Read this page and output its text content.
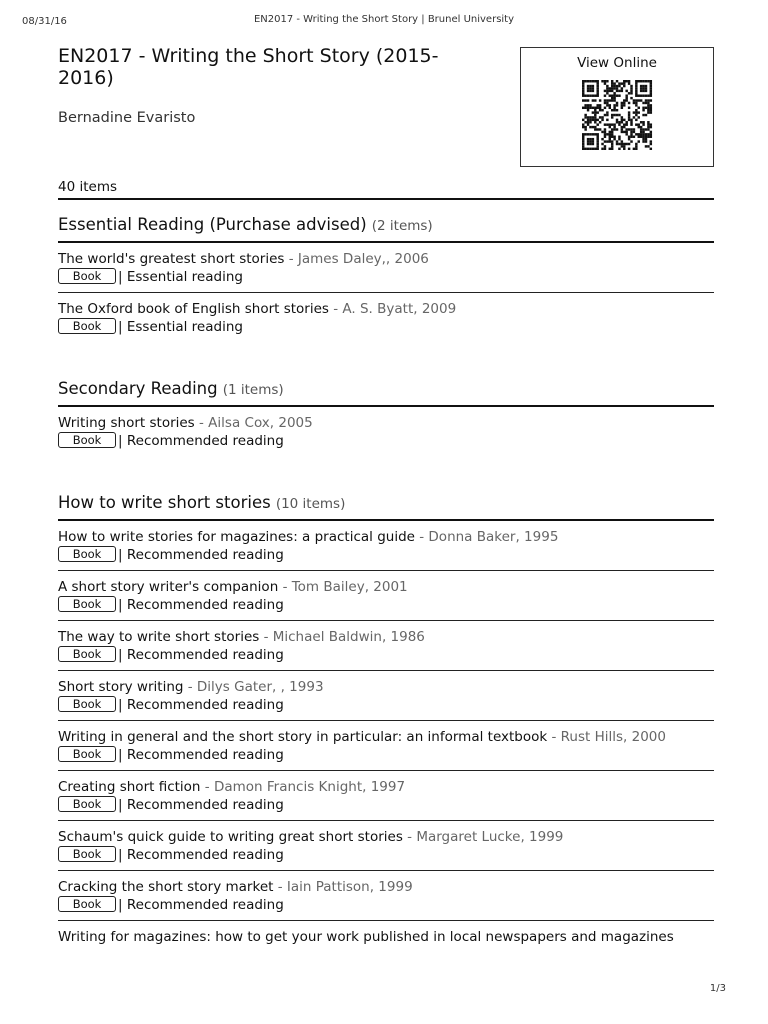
08/31/16	EN2017 - Writing the Short Story | Brunel University
EN2017 - Writing the Short Story (2015-2016)
Bernadine Evaristo
View Online
40 items
Essential Reading (Purchase advised) (2 items)
The world's greatest short stories - James Daley,, 2006
Book | Essential reading
The Oxford book of English short stories - A. S. Byatt, 2009
Book | Essential reading
Secondary Reading (1 items)
Writing short stories - Ailsa Cox, 2005
Book | Recommended reading
How to write short stories (10 items)
How to write stories for magazines: a practical guide - Donna Baker, 1995
Book | Recommended reading
A short story writer's companion - Tom Bailey, 2001
Book | Recommended reading
The way to write short stories - Michael Baldwin, 1986
Book | Recommended reading
Short story writing - Dilys Gater, , 1993
Book | Recommended reading
Writing in general and the short story in particular: an informal textbook - Rust Hills, 2000
Book | Recommended reading
Creating short fiction - Damon Francis Knight, 1997
Book | Recommended reading
Schaum's quick guide to writing great short stories - Margaret Lucke, 1999
Book | Recommended reading
Cracking the short story market - Iain Pattison, 1999
Book | Recommended reading
Writing for magazines: how to get your work published in local newspapers and magazines
1/3
